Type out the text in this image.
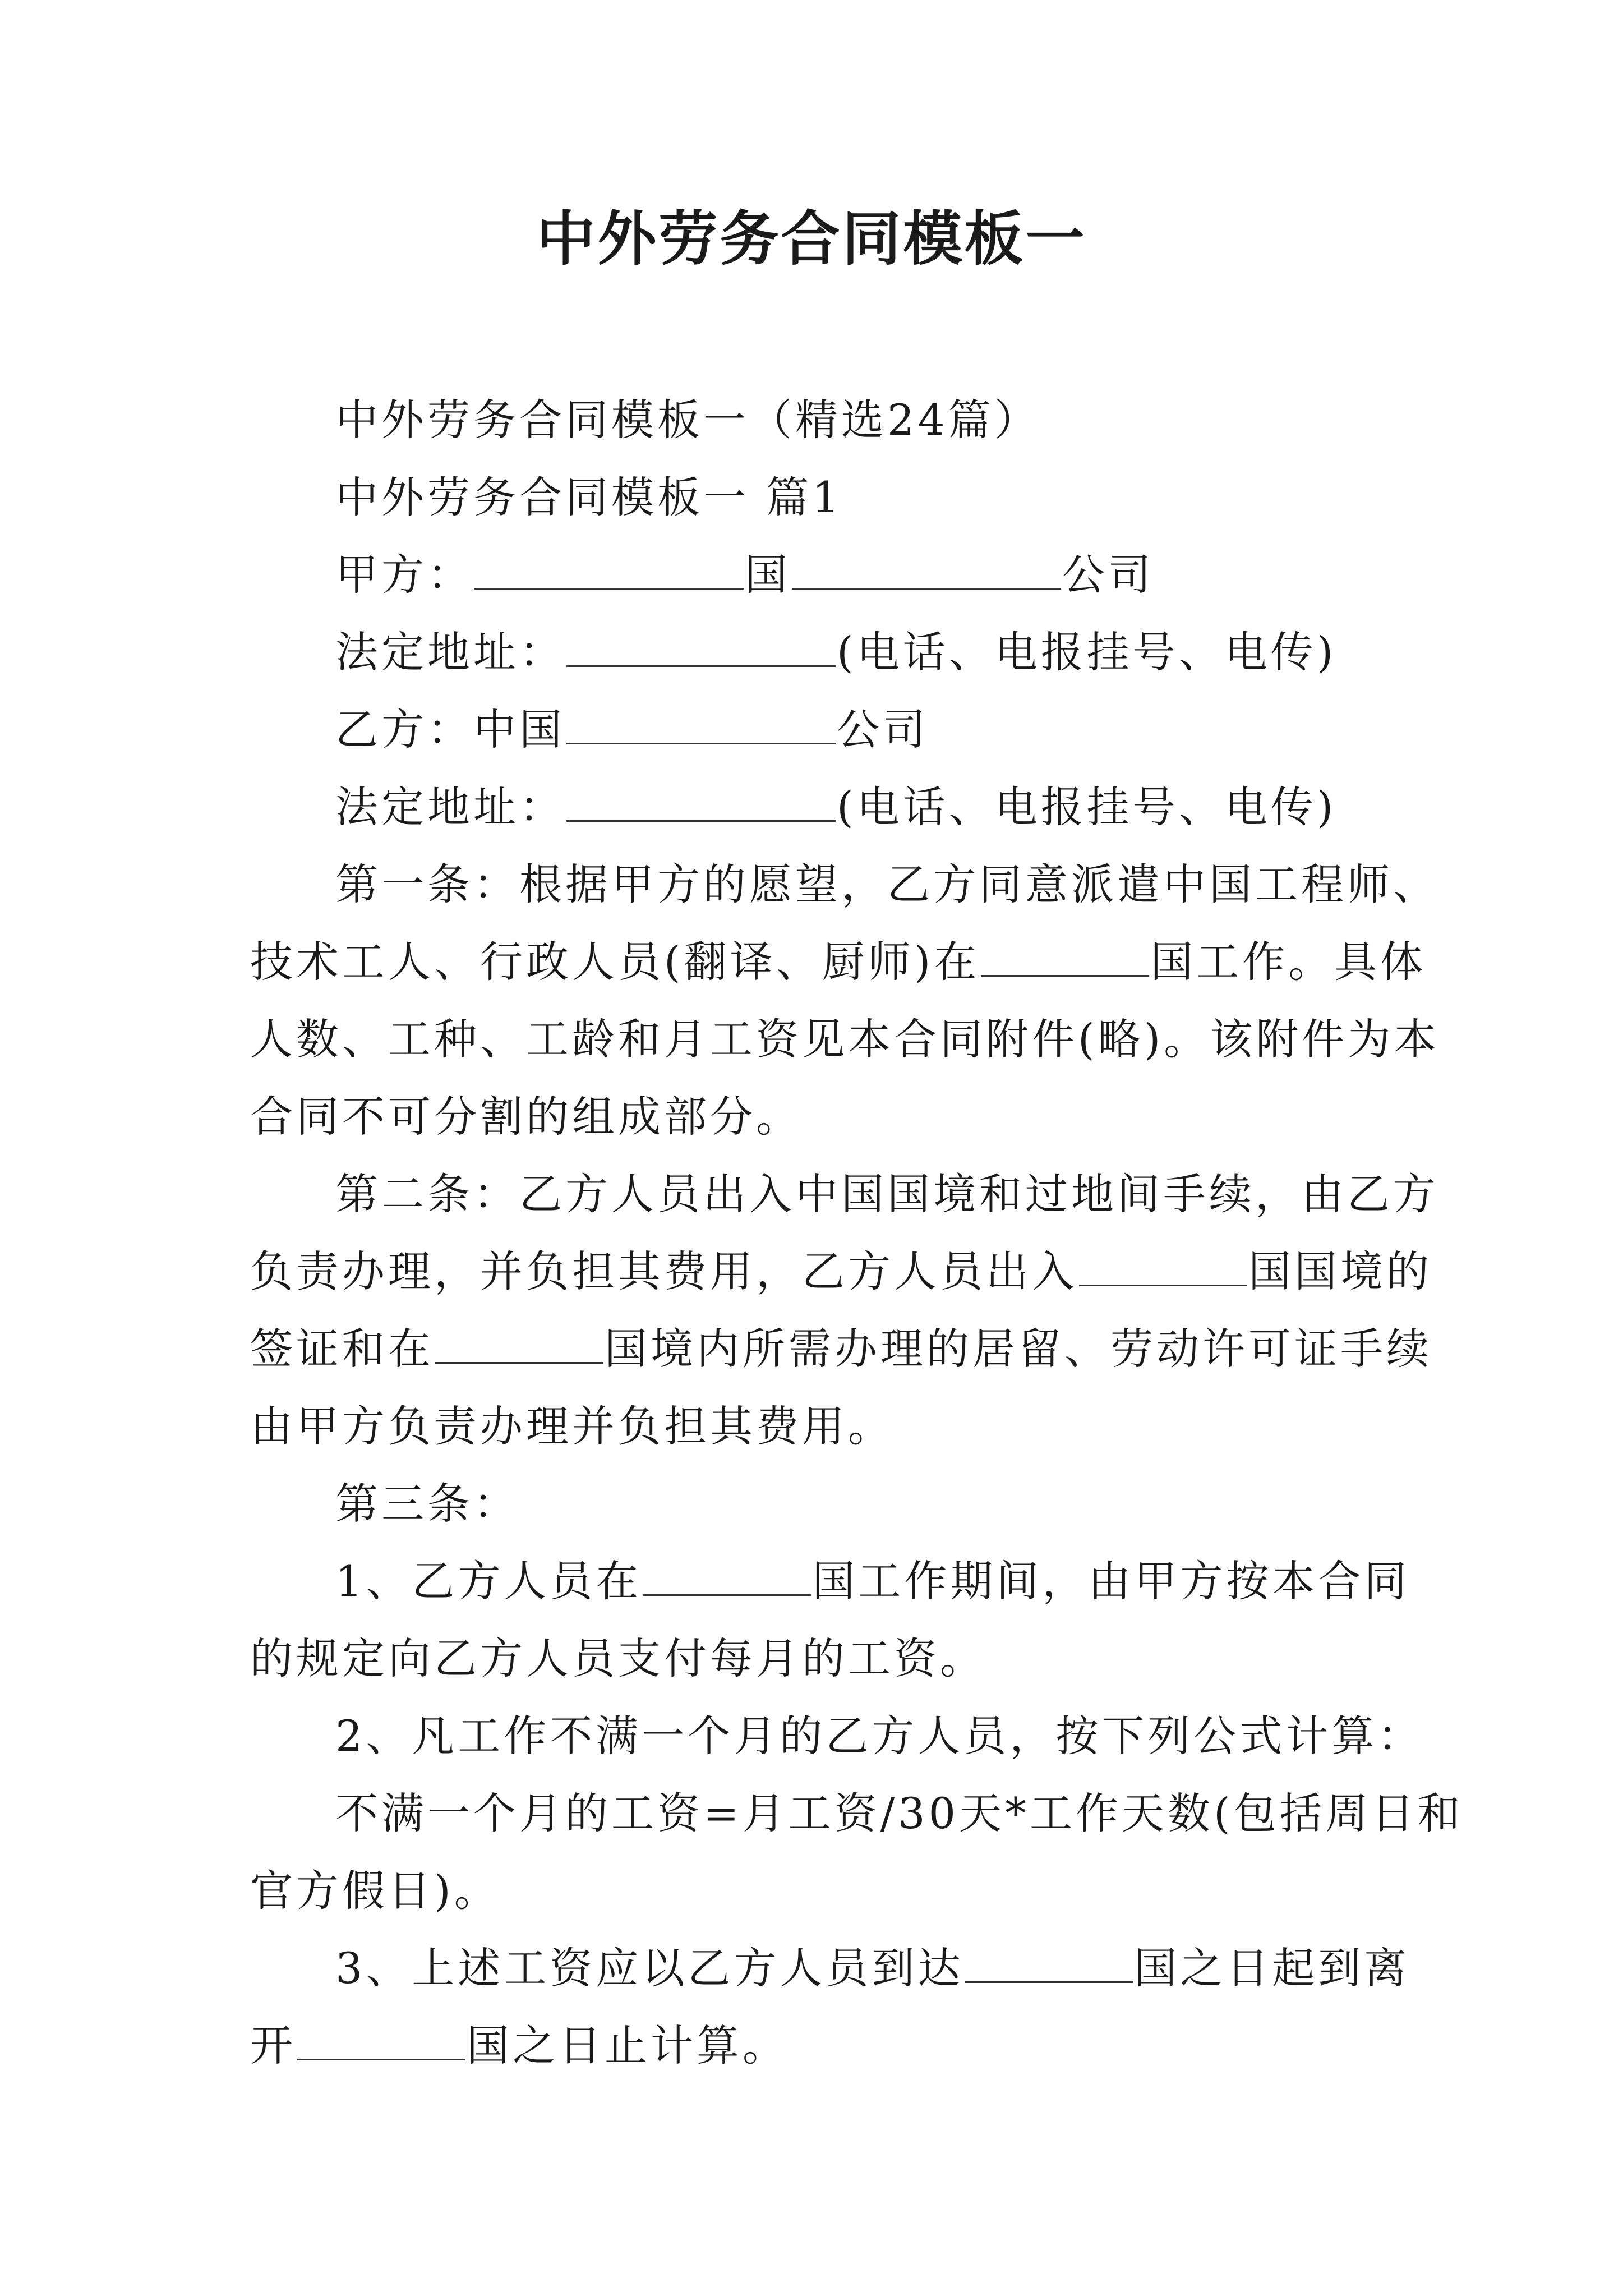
中外劳务合同模板一
中外劳务合同模板一（精选24篇）
中外劳务合同模板一 篇1
甲方：	国	公司
法定地址：	(电话、电报挂号、电传)
乙方：中国	公司
法定地址：	(电话、电报挂号、电传)
第一条：根据甲方的愿望，乙方同意派遣中国工程师、
技术工人、行政人员(翻译、厨师)在	国工作。具体
人数、工种、工龄和月工资见本合同附件(略)。该附件为本
合同不可分割的组成部分。
第二条：乙方人员出入中国国境和过地间手续，由乙方
负责办理，并负担其费用，乙方人员出入	国国境的
签证和在	国境内所需办理的居留、劳动许可证手续
由甲方负责办理并负担其费用。
第三条：
1、乙方人员在	国工作期间，由甲方按本合同
的规定向乙方人员支付每月的工资。
2、凡工作不满一个月的乙方人员，按下列公式计算：
不满一个月的工资=月工资/30天*工作天数(包括周日和
官方假日)。
3、上述工资应以乙方人员到达	国之日起到离
开	国之日止计算。
